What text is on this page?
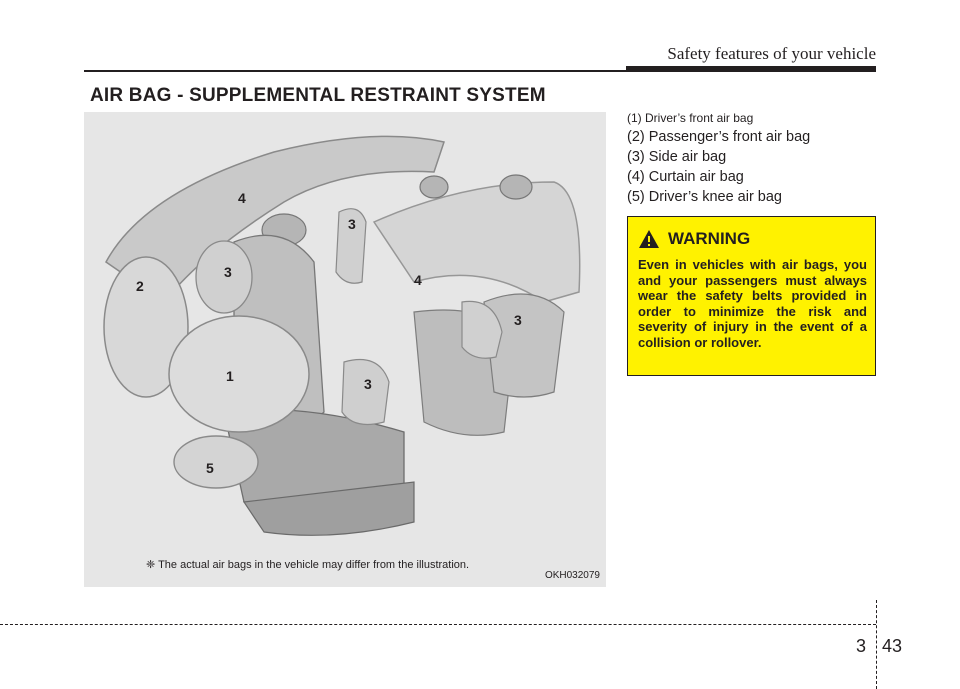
Safety features of your vehicle
AIR BAG - SUPPLEMENTAL RESTRAINT SYSTEM
4
3
2
3	4
3
1	3
5
❈ The actual air bags in the vehicle may differ from the illustration.
OKH032079
(1) Driver’s front air bag
(2) Passenger’s front air bag
(3) Side air bag
(4) Curtain air bag
(5) Driver’s knee air bag
WARNING
Even in vehicles with air bags, you and your passengers must always wear the safety belts provided in order to minimize the risk and severity of injury in the event of a collision or rollover.
3 43
